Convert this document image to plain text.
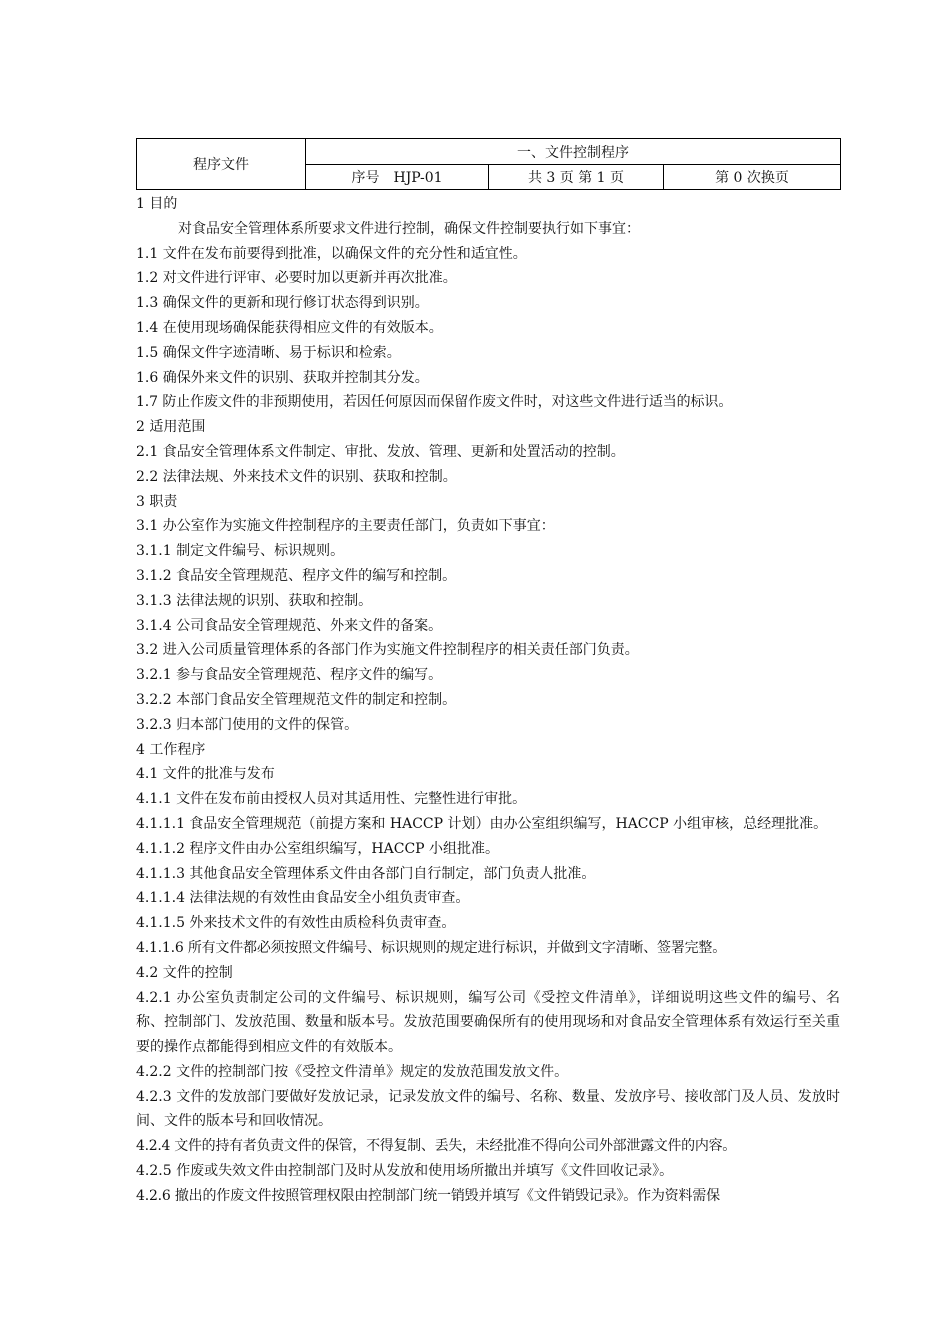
程序文件	一、文件控制程序		
	序号　HJP-01	共 3 页 第 1 页	第 0 次换页
1 目的
对食品安全管理体系所要求文件进行控制，确保文件控制要执行如下事宜：
1.1 文件在发布前要得到批准，以确保文件的充分性和适宜性。
1.2 对文件进行评审、必要时加以更新并再次批准。
1.3 确保文件的更新和现行修订状态得到识别。
1.4 在使用现场确保能获得相应文件的有效版本。
1.5 确保文件字迹清晰、易于标识和检索。
1.6 确保外来文件的识别、获取并控制其分发。
1.7 防止作废文件的非预期使用，若因任何原因而保留作废文件时，对这些文件进行适当的标识。
2 适用范围
2.1 食品安全管理体系文件制定、审批、发放、管理、更新和处置活动的控制。
2.2 法律法规、外来技术文件的识别、获取和控制。
3 职责
3.1 办公室作为实施文件控制程序的主要责任部门，负责如下事宜：
3.1.1 制定文件编号、标识规则。
3.1.2 食品安全管理规范、程序文件的编写和控制。
3.1.3 法律法规的识别、获取和控制。
3.1.4 公司食品安全管理规范、外来文件的备案。
3.2 进入公司质量管理体系的各部门作为实施文件控制程序的相关责任部门负责。
3.2.1 参与食品安全管理规范、程序文件的编写。
3.2.2 本部门食品安全管理规范文件的制定和控制。
3.2.3 归本部门使用的文件的保管。
4 工作程序
4.1 文件的批准与发布
4.1.1 文件在发布前由授权人员对其适用性、完整性进行审批。
4.1.1.1 食品安全管理规范（前提方案和 HACCP 计划）由办公室组织编写，HACCP 小组审核，总经理批准。
4.1.1.2 程序文件由办公室组织编写，HACCP 小组批准。
4.1.1.3 其他食品安全管理体系文件由各部门自行制定，部门负责人批准。
4.1.1.4 法律法规的有效性由食品安全小组负责审查。
4.1.1.5 外来技术文件的有效性由质检科负责审查。
4.1.1.6 所有文件都必须按照文件编号、标识规则的规定进行标识，并做到文字清晰、签署完整。
4.2 文件的控制
4.2.1 办公室负责制定公司的文件编号、标识规则，编写公司《受控文件清单》，详细说明这些文件的编号、名称、控制部门、发放范围、数量和版本号。发放范围要确保所有的使用现场和对食品安全管理体系有效运行至关重要的操作点都能得到相应文件的有效版本。
4.2.2 文件的控制部门按《受控文件清单》规定的发放范围发放文件。
4.2.3 文件的发放部门要做好发放记录，记录发放文件的编号、名称、数量、发放序号、接收部门及人员、发放时间、文件的版本号和回收情况。
4.2.4 文件的持有者负责文件的保管，不得复制、丢失，未经批准不得向公司外部泄露文件的内容。
4.2.5 作废或失效文件由控制部门及时从发放和使用场所撤出并填写《文件回收记录》。
4.2.6 撤出的作废文件按照管理权限由控制部门统一销毁并填写《文件销毁记录》。作为资料需保
